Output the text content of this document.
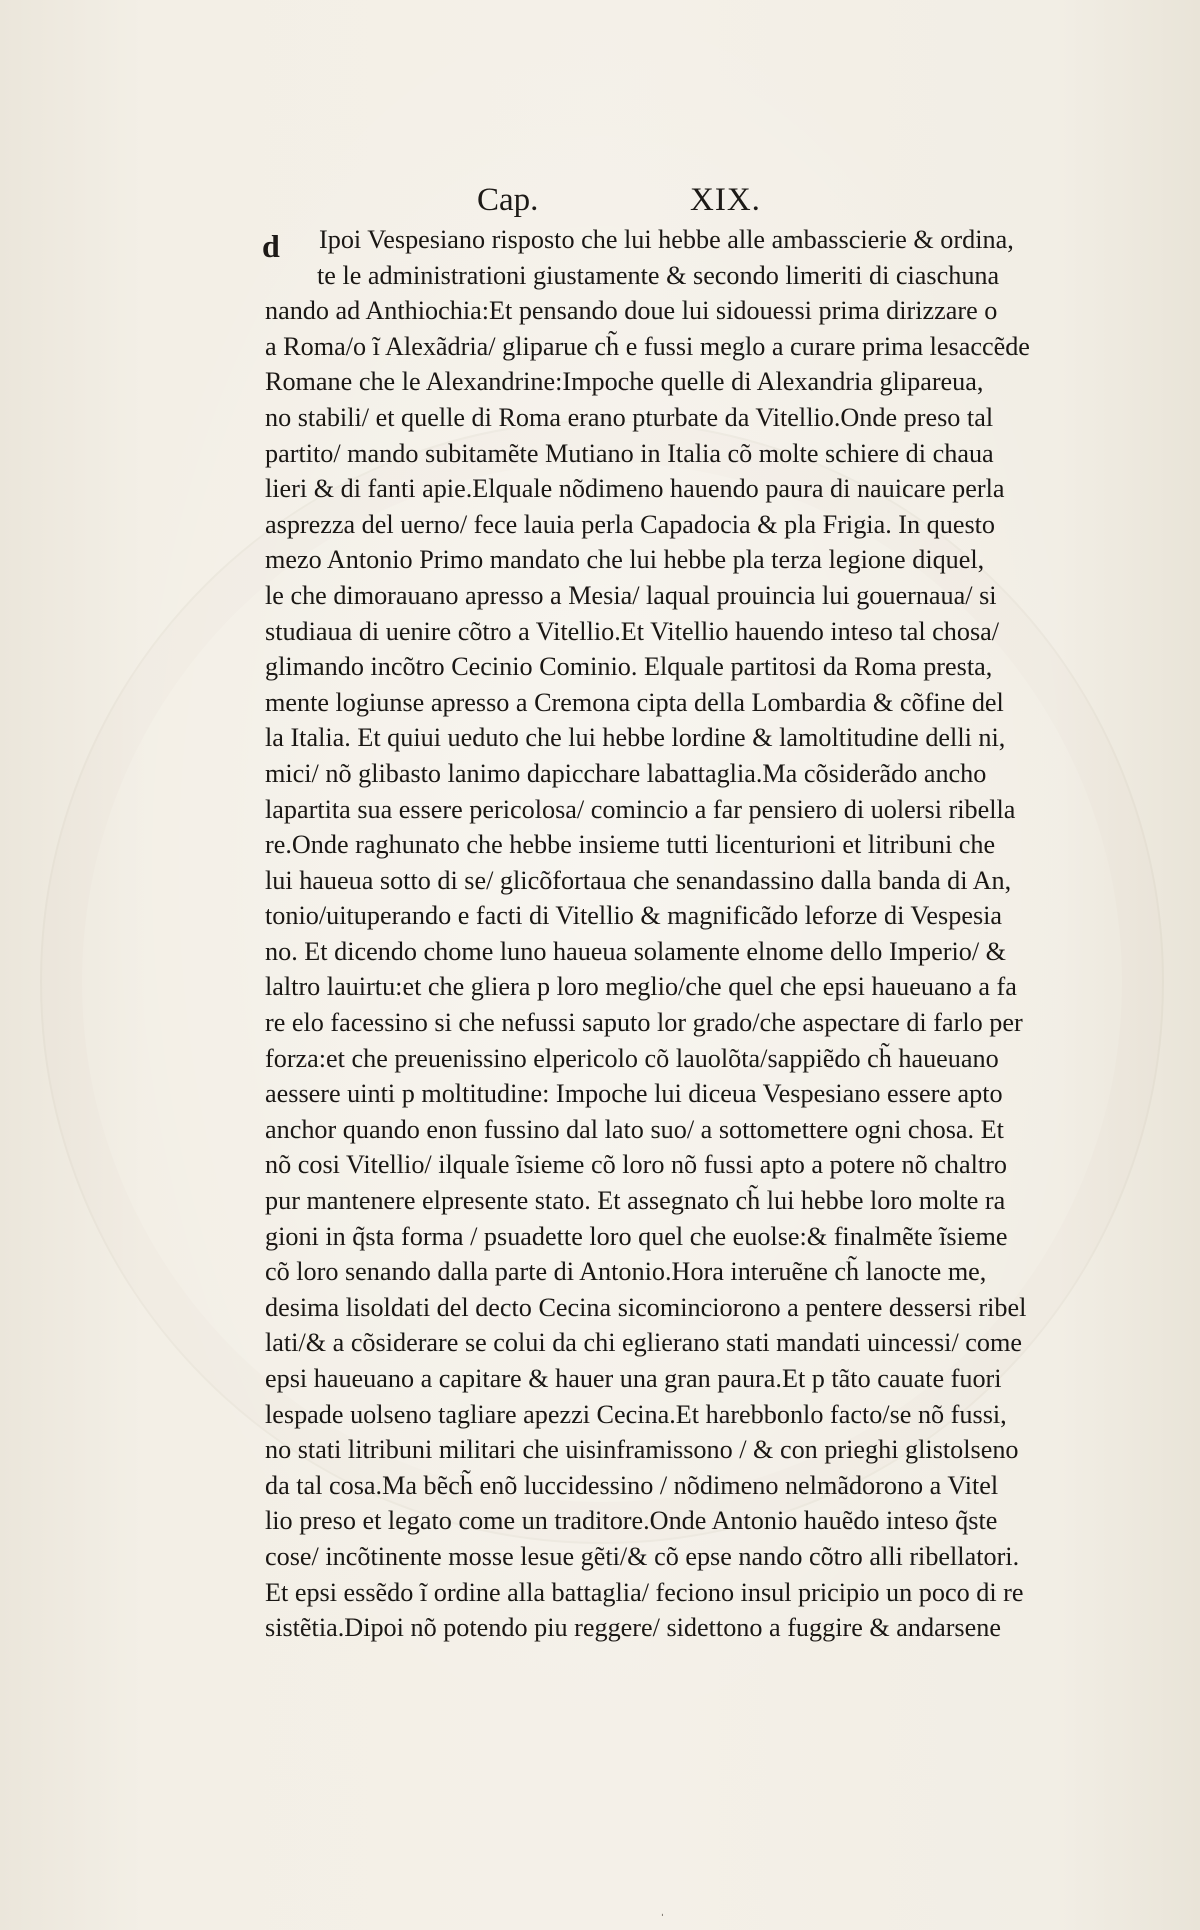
Cap.	XIX.
d	Ipoi Vespesiano risposto che lui hebbe alle ambasscierie & ordina,
te le administrationi giustamente & secondo limeriti di ciaschuna
nando ad Anthiochia:Et pensando doue lui sidouessi prima dirizzare o
a Roma/o ĩ Alexãdria/ gliparue ch̃ e fussi meglo a curare prima lesaccẽde
Romane che le Alexandrine:Impoche quelle di Alexandria glipareua,
no stabili/ et quelle di Roma erano pturbate da Vitellio.Onde preso tal
partito/ mando subitamẽte Mutiano in Italia cõ molte schiere di chaua
lieri & di fanti apie.Elquale nõdimeno hauendo paura di nauicare perla
asprezza del uerno/ fece lauia perla Capadocia & pla Frigia. In questo
mezo Antonio Primo mandato che lui hebbe pla terza legione diquel,
le che dimorauano apresso a Mesia/ laqual prouincia lui gouernaua/ si
studiaua di uenire cõtro a Vitellio.Et Vitellio hauendo inteso tal chosa/
glimando incõtro Cecinio Cominio. Elquale partitosi da Roma presta,
mente logiunse apresso a Cremona cipta della Lombardia & cõfine del
la Italia. Et quiui ueduto che lui hebbe lordine & lamoltitudine delli ni,
mici/ nõ glibasto lanimo dapicchare labattaglia.Ma cõsiderãdo ancho
lapartita sua essere pericolosa/ comincio a far pensiero di uolersi ribella
re.Onde raghunato che hebbe insieme tutti licenturioni et litribuni che
lui haueua sotto di se/ glicõfortaua che senandassino dalla banda di An,
tonio/uituperando e facti di Vitellio & magnificãdo leforze di Vespesia
no. Et dicendo chome luno haueua solamente elnome dello Imperio/ &
laltro lauirtu:et che gliera p loro meglio/che quel che epsi haueuano a fa
re elo facessino si che nefussi saputo lor grado/che aspectare di farlo per
forza:et che preuenissino elpericolo cõ lauolõta/sappiẽdo ch̃ haueuano
aessere uinti p moltitudine: Impoche lui diceua Vespesiano essere apto
anchor quando enon fussino dal lato suo/ a sottomettere ogni chosa. Et
nõ cosi Vitellio/ ilquale ĩsieme cõ loro nõ fussi apto a potere nõ chaltro
pur mantenere elpresente stato. Et assegnato ch̃ lui hebbe loro molte ra
gioni in q̃sta forma / psuadette loro quel che euolse:& finalmẽte ĩsieme
cõ loro senando dalla parte di Antonio.Hora interuẽne ch̃ lanocte me,
desima lisoldati del decto Cecina sicominciorono a pentere dessersi ribel
lati/& a cõsiderare se colui da chi eglierano stati mandati uincessi/ come
epsi haueuano a capitare & hauer una gran paura.Et p tãto cauate fuori
lespade uolseno tagliare apezzi Cecina.Et harebbonlo facto/se nõ fussi,
no stati litribuni militari che uisinframissono / & con prieghi glistolseno
da tal cosa.Ma bẽch̃ enõ luccidessino / nõdimeno nelmãdorono a Vitel
lio preso et legato come un traditore.Onde Antonio hauẽdo inteso q̃ste
cose/ incõtinente mosse lesue gẽti/& cõ epse nando cõtro alli ribellatori.
Et epsi essẽdo ĩ ordine alla battaglia/ feciono insul pricipio un poco di re
sistẽtia.Dipoi nõ potendo piu reggere/ sidettono a fuggire & andarsene
ˌ
